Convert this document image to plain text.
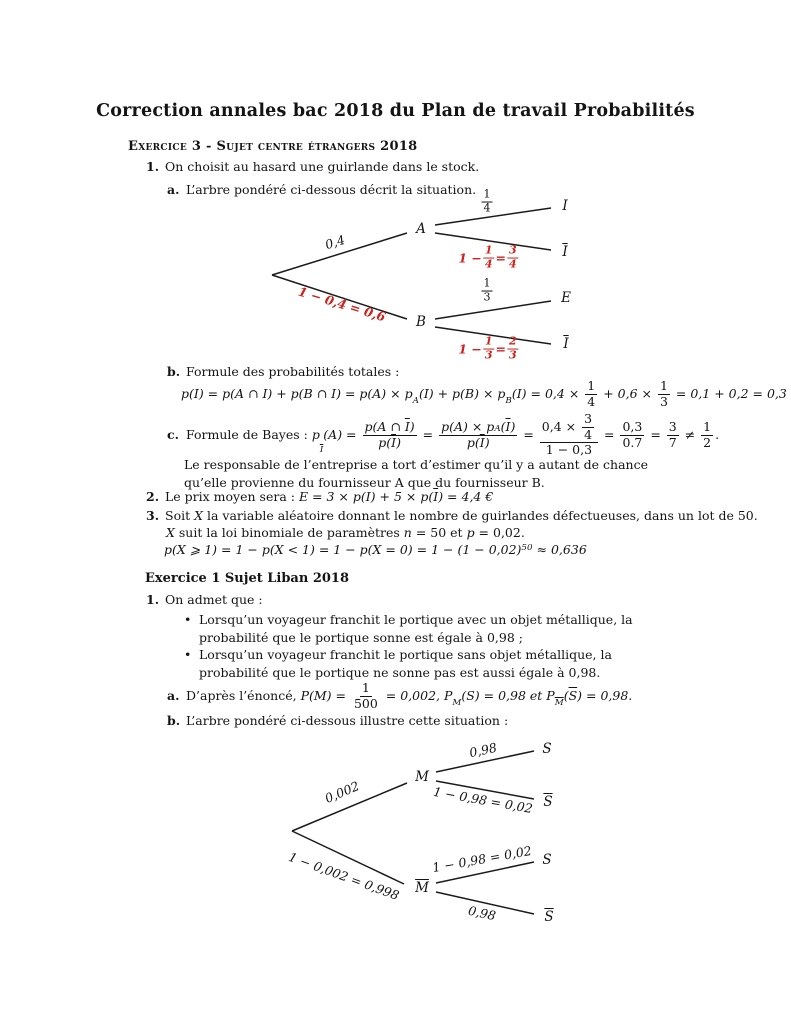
Correction annales bac 2018 du Plan de travail Probabilités
Exercice 3 - Sujet centre étrangers 2018
1. On choisit au hasard une guirlande dans le stock.
a. L’arbre pondéré ci-dessous décrit la situation.
A
B
I
$\overline{I}$
E
$\overline{I}$
0,4
1 − 0,4 = 0,6
$\frac{1}{4}$
$1 - \frac{1}{4} = \frac{3}{4}$
$\frac{1}{3}$
$1 - \frac{1}{3} = \frac{2}{3}$
b. Formule des probabilités totales :
p(I) = p(A ∩ I) + p(B ∩ I) = p(A) × p
A
(I) + p(B) × p
B
$(I) = 0,4 \times \frac{1}{4} + 0,6 \times \frac{1}{3} = 0,1 + 0,2 = 0,3$
c. Formule de Bayes : p
$\overline{I}$
$(A) = \frac{p(A \cap \overline{I} )}{p( \overline{I} )} = \frac{p(A) \times p A ( \overline{I} )}{p( \overline{I} )} = \frac{0,4 \times \frac{3}{4}}{1 - 0,3} = \frac{0,3}{0.7} = \frac{3}{7} \ne \frac{1}{2}$ .
Le responsable de l’entreprise a tort d’estimer qu’il y a autant de chance qu’elle provienne du fournisseur A que du fournisseur B.
2. Le prix moyen sera : E = 3 × p(I) + 5 × p( $\overline{I}$ ) = 4,4 €
3. Soit X la variable aléatoire donnant le nombre de guirlandes défectueuses, dans un lot de 50.
X suit la loi binomiale de paramètres n = 50 et p = 0,02.
p(X ⩾ 1) = 1 − p(X < 1) = 1 − p(X = 0) = 1 − (1 − 0,02) 50 ≈ 0,636
Exercice 1 Sujet Liban 2018
1. On admet que :
• Lorsqu’un voyageur franchit le portique avec un objet métallique, la probabilité que le portique sonne est égale à 0,98 ;
• Lorsqu’un voyageur franchit le portique sans objet métallique, la probabilité que le portique ne sonne pas est aussi égale à 0,98.
a. D’après l’énoncé, $P(M) = \frac{1}{500} = 0,002$, P
M
(S) = 0,98 et P
$\overline{M}$
( $\overline{S}$ ) = 0,98.
b. L’arbre pondéré ci-dessous illustre cette situation :
M
$\overline{M}$
S
$\overline{S}$
S
$\overline{S}$
0,002
1 − 0,002 = 0,998
0,98
1 − 0,98 = 0,02
1 − 0,98 = 0,02
0,98
